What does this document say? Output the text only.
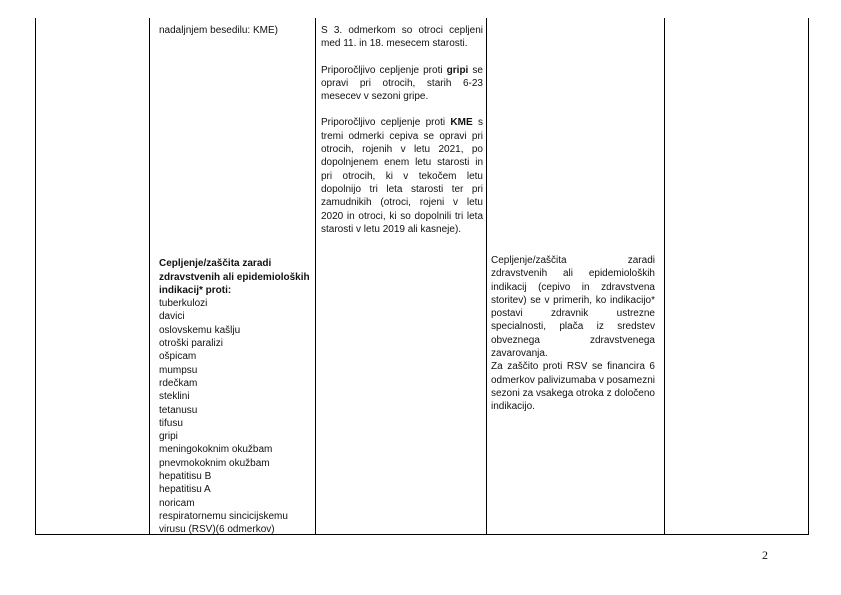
nadaljnjem besedilu: KME)
Cepljenje/zaščita zaradi zdravstvenih ali epidemioloških indikacij* proti:
tuberkulozi
davici
oslovskemu kašlju
otroški paralizi
ošpicam
mumpsu
rdečkam
steklini
tetanusu
tifusu
gripi
meningokoknim okužbam
pnevmokoknim okužbam
hepatitisu B
hepatitisu A
noricam
respiratornemu sincicijskemu virusu (RSV)(6 odmerkov)
S 3. odmerkom so otroci cepljeni med 11. in 18. mesecem starosti.
Priporočljivo cepljenje proti gripi se opravi pri otrocih, starih 6-23 mesecev v sezoni gripe.
Priporočljivo cepljenje proti KME s tremi odmerki cepiva se opravi pri otrocih, rojenih v letu 2021, po dopolnjenem enem letu starosti in pri otrocih, ki v tekočem letu dopolnijo tri leta starosti ter pri zamudnikih (otroci, rojeni v letu 2020 in otroci, ki so dopolnili tri leta starosti v letu 2019 ali kasneje).
Cepljenje/zaščita zaradi zdravstvenih ali epidemioloških indikacij (cepivo in zdravstvena storitev) se v primerih, ko indikacijo* postavi zdravnik ustrezne specialnosti, plača iz sredstev obveznega zdravstvenega zavarovanja.
Za zaščito proti RSV se financira 6 odmerkov palivizumaba v posamezni sezoni za vsakega otroka z določeno indikacijo.
2
